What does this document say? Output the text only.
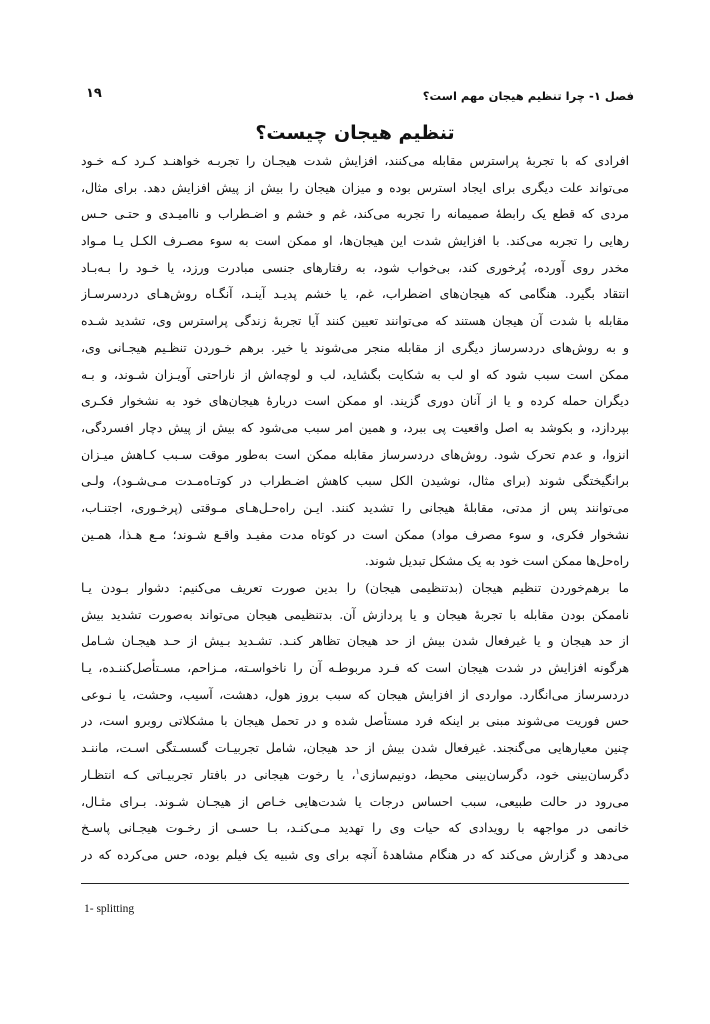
فصل ۱- چرا تنظیم هیجان مهم است؟
۱۹
تنظیم هیجان چیست؟
افرادی که با تجربهٔ پراسترس مقابله می‌کنند، افزایش شدت هیجـان را تجربـه خواهنـد کـرد کـه خـود
می‌تواند علت دیگری برای ایجاد استرس بوده و میزان هیجان را بیش از پیش افزایش دهد. برای مثال،
مردی که قطع یک رابطهٔ صمیمانه را تجربه می‌کند، غم و خشم و اضـطراب و ناامیـدی و حتـی حـس
رهایی را تجربه می‌کند. با افزایش شدت این هیجان‌ها، او ممکن است به سوء مصـرف الکـل یـا مـواد
مخدر روی آورده، پُرخوری کند، بی‌خواب شود، به رفتارهای جنسی مبادرت ورزد، یا خـود را بـه‌بـاد
انتقاد بگیرد. هنگامی که هیجان‌های اضطراب، غم، یا خشم پدیـد آینـد، آنگـاه روش‌هـای دردسرسـاز
مقابله با شدت آن هیجان هستند که می‌توانند تعیین کنند آیا تجربهٔ زندگی پراسترس وی، تشدید شـده
و به روش‌های دردسرساز دیگری از مقابله منجر می‌شوند یا خیر. برهم خـوردن تنظـیم هیجـانی وی،
ممکن است سبب شود که او لب به شکایت بگشاید، لب و لوچه‌اش از ناراحتی آویـزان شـوند، و بـه
دیگران حمله کرده و یا از آنان دوری گزیند. او ممکن است دربارهٔ هیجان‌های خود به نشخوار فکـری
بپردازد، و بکوشد به اصل واقعیت پی ببرد، و همین امر سبب می‌شود که بیش از پیش دچار افسردگی،
انزوا، و عدم تحرک شود. روش‌های دردسرساز مقابله ممکن است به‌طور موقت سـبب کـاهش میـزان
برانگیختگی شوند (برای مثال، نوشیدن الکل سبب کاهش اضـطراب در کوتـاه‌مـدت مـی‌شـود)، ولـی
می‌توانند پس از مدتی، مقابلهٔ هیجانی را تشدید کنند. ایـن راه‌حـل‌هـای مـوقتی (پرخـوری، اجتنـاب،
نشخوار فکری، و سوء مصرف مواد) ممکن است در کوتاه مدت مفیـد واقـع شـوند؛ مـع هـذا، همـین
راه‌حل‌ها ممکن است خود به یک مشکل تبدیل شوند.
ما برهم‌خوردن تنظیم هیجان (بدتنظیمی هیجان) را بدین صورت تعریف می‌کنیم: دشوار بـودن یـا
ناممکن بودن مقابله با تجربهٔ هیجان و یا پردازش آن. بدتنظیمی هیجان می‌تواند به‌صورت تشدید بیش
از حد هیجان و یا غیرفعال شدن بیش از حد هیجان تظاهر کنـد. تشـدید بـیش از حـد هیجـان شـامل
هرگونه افزایش در شدت هیجان است که فـرد مربوطـه آن را ناخواسـته، مـزاحم، مسـتأصل‌کننـده، یـا
دردسرساز می‌انگارد. مواردی از افزایش هیجان که سبب بروز هول، دهشت، آسیب، وحشت، یا نـوعی
حس فوریت می‌شوند مبنی بر اینکه فرد مستأصل شده و در تحمل هیجان با مشکلاتی روبرو است، در
چنین معیارهایی می‌گنجند. غیرفعال شدن بیش از حد هیجان، شامل تجربیـات گسسـتگی اسـت، ماننـد
دگرسان‌بینی خود، دگرسان‌بینی محیط، دونیم‌سازی$^۱$، یا رخوت هیجانی در بافتار تجربیـاتی کـه انتظـار
می‌رود در حالت طبیعی، سبب احساس درجات یا شدت‌هایی خـاص از هیجـان شـوند. بـرای مثـال،
خانمی در مواجهه با رویدادی که حیات وی را تهدید مـی‌کنـد، بـا حسـی از رخـوت هیجـانی پاسـخ
می‌دهد و گزارش می‌کند که در هنگام مشاهدهٔ آنچه برای وی شبیه یک فیلم بوده، حس می‌کرده که در
1- splitting
